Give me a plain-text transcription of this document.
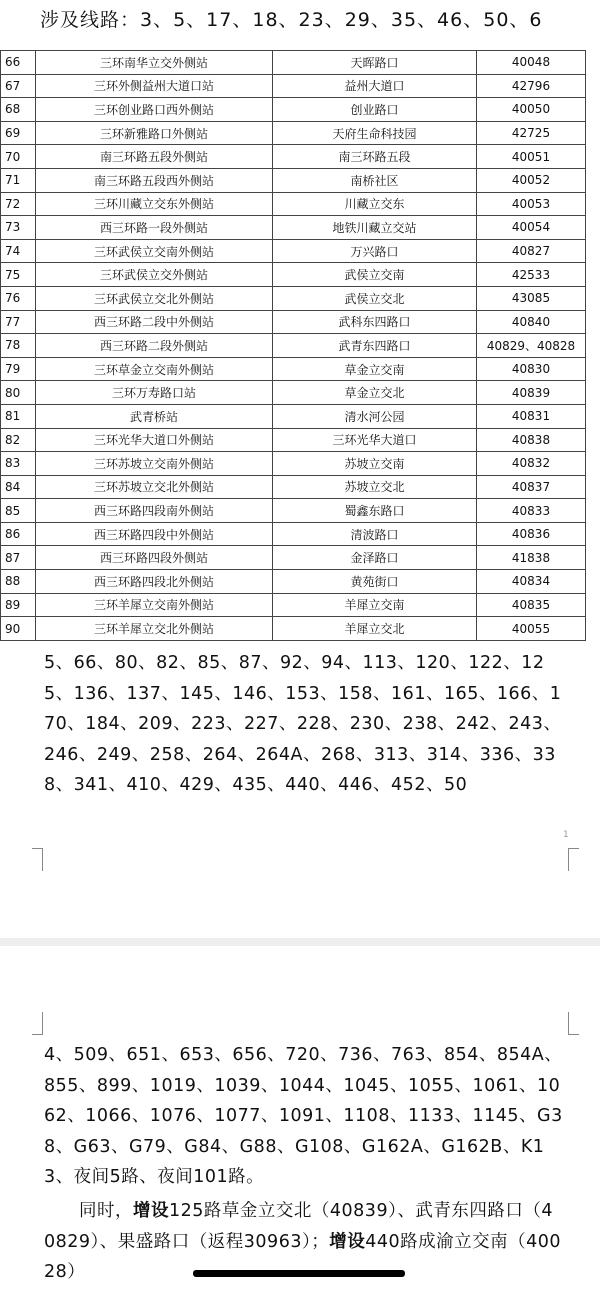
涉及线路：3、5、17、18、23、29、35、46、50、6
66	三环南华立交外侧站	天晖路口	40048
67	三环外侧益州大道口站	益州大道口	42796
68	三环创业路口西外侧站	创业路口	40050
69	三环新雅路口外侧站	天府生命科技园	42725
70	南三环路五段外侧站	南三环路五段	40051
71	南三环路五段西外侧站	南桥社区	40052
72	三环川藏立交东外侧站	川藏立交东	40053
73	西三环路一段外侧站	地铁川藏立交站	40054
74	三环武侯立交南外侧站	万兴路口	40827
75	三环武侯立交外侧站	武侯立交南	42533
76	三环武侯立交北外侧站	武侯立交北	43085
77	西三环路二段中外侧站	武科东四路口	40840
78	西三环路二段外侧站	武青东四路口	40829、40828
79	三环草金立交南外侧站	草金立交南	40830
80	三环万寿路口站	草金立交北	40839
81	武青桥站	清水河公园	40831
82	三环光华大道口外侧站	三环光华大道口	40838
83	三环苏坡立交南外侧站	苏坡立交南	40832
84	三环苏坡立交北外侧站	苏坡立交北	40837
85	西三环路四段南外侧站	蜀鑫东路口	40833
86	西三环路四段中外侧站	清波路口	40836
87	西三环路四段外侧站	金泽路口	41838
88	西三环路四段北外侧站	黄苑街口	40834
89	三环羊犀立交南外侧站	羊犀立交南	40835
90	三环羊犀立交北外侧站	羊犀立交北	40055
5、66、80、82、85、87、92、94、113、120、122、125、136、137、145、146、153、158、161、165、166、170、184、209、223、227、228、230、238、242、243、246、249、258、264、264A、268、313、314、336、338、341、410、429、435、440、446、452、50
1
4、509、651、653、656、720、736、763、854、854A、855、899、1019、1039、1044、1045、1055、1061、1062、1066、1076、1077、1091、1108、1133、1145、G38、G63、G79、G84、G88、G108、G162A、G162B、K13、夜间5路、夜间101路。
同时，增设125路草金立交北（40839）、武青东四路口（40829）、果盛路口（返程30963）；增设440路成渝立交南（40028）
